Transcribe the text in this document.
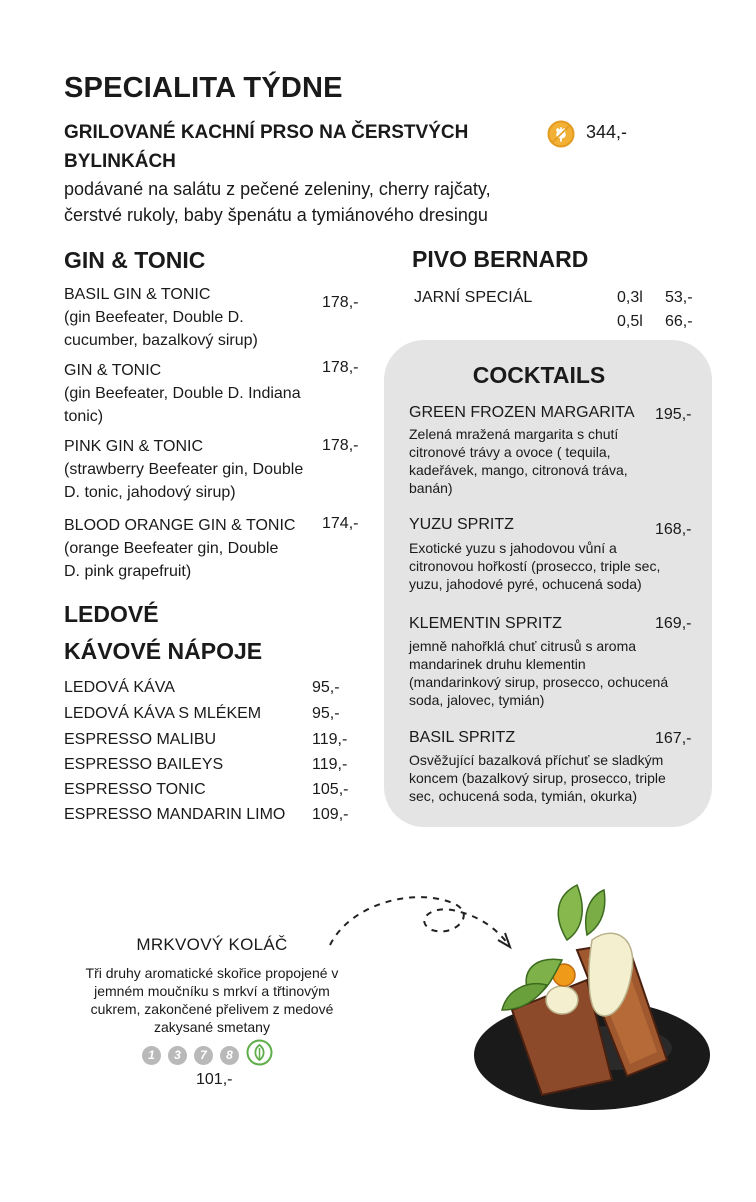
SPECIALITA TÝDNE
GRILOVANÉ KACHNÍ PRSO NA ČERSTVÝCH
BYLINKÁCH
344,-
podávané na salátu z pečené zeleniny, cherry rajčaty,
čerstvé rukoly, baby špenátu a tymiánového dresingu
GIN & TONIC
BASIL GIN & TONIC
(gin Beefeater, Double D.
cucumber, bazalkový sirup)
178,-
GIN & TONIC
(gin Beefeater, Double D. Indiana
tonic)
178,-
PINK GIN & TONIC
(strawberry Beefeater gin, Double
D. tonic, jahodový sirup)
178,-
BLOOD ORANGE GIN & TONIC
(orange Beefeater gin, Double
D. pink grapefruit)
174,-
LEDOVÉ
KÁVOVÉ NÁPOJE
LEDOVÁ KÁVA	95,-
LEDOVÁ KÁVA S MLÉKEM	95,-
ESPRESSO MALIBU	119,-
ESPRESSO BAILEYS	119,-
ESPRESSO TONIC	105,-
ESPRESSO MANDARIN LIMO 109,-
PIVO BERNARD
JARNÍ SPECIÁL	0,3l 53,-
0,5l 66,-
COCKTAILS
GREEN FROZEN MARGARITA 195,-
Zelená mražená margarita s chutí
citronové trávy a ovoce ( tequila,
kadeřávek, mango, citronová tráva,
banán)
YUZU SPRITZ	168,-
Exotické yuzu s jahodovou vůní a
citronovou hořkostí (prosecco, triple sec,
yuzu, jahodové pyré, ochucená soda)
KLEMENTIN SPRITZ	169,-
jemně nahořklá chuť citrusů s aroma
mandarinek druhu klementin
(mandarinkový sirup, prosecco, ochucená
soda, jalovec, tymián)
BASIL SPRITZ	167,-
Osvěžující bazalková příchuť se sladkým
koncem (bazalkový sirup, prosecco, triple
sec, ochucená soda, tymián, okurka)
MRKVOVÝ KOLÁČ
Tři druhy aromatické skořice propojené v
jemném moučníku s mrkví a třtinovým
cukrem, zakončené přelivem z medové
zakysané smetany
1	3	7	8
101,-
